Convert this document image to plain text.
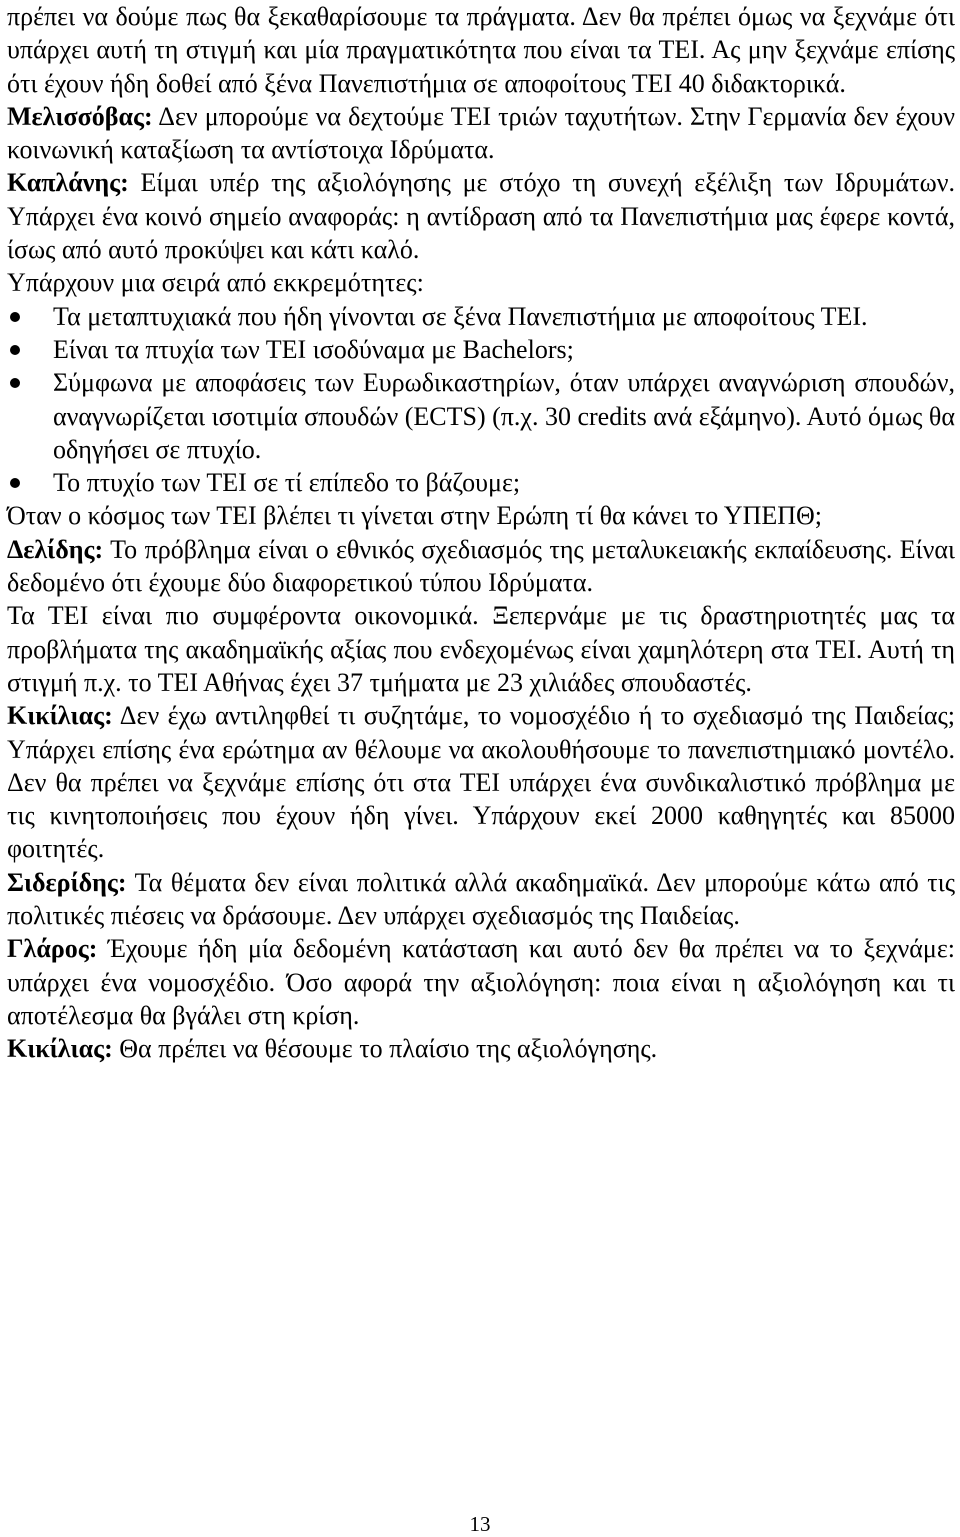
πρέπει να δούμε πως θα ξεκαθαρίσουμε τα πράγματα. Δεν θα πρέπει όμως να ξεχνάμε ότι υπάρχει αυτή τη στιγμή και μία πραγματικότητα που είναι τα ΤΕΙ. Ας μην ξεχνάμε επίσης ότι έχουν ήδη δοθεί από ξένα Πανεπιστήμια σε αποφοίτους ΤΕΙ 40 διδακτορικά.

Μελισσόβας: Δεν μπορούμε να δεχτούμε ΤΕΙ τριών ταχυτήτων. Στην Γερμανία δεν έχουν κοινωνική καταξίωση τα αντίστοιχα Ιδρύματα.

Καπλάνης: Είμαι υπέρ της αξιολόγησης με στόχο τη συνεχή εξέλιξη των Ιδρυμάτων. Υπάρχει ένα κοινό σημείο αναφοράς: η αντίδραση από τα Πανεπιστήμια μας έφερε κοντά, ίσως από αυτό προκύψει και κάτι καλό.

Υπάρχουν μια σειρά από εκκρεμότητες:

Τα μεταπτυχιακά που ήδη γίνονται σε ξένα Πανεπιστήμια με αποφοίτους ΤΕΙ.
Είναι τα πτυχία των ΤΕΙ ισοδύναμα με Bachelors;
Σύμφωνα με αποφάσεις των Ευρωδικαστηρίων, όταν υπάρχει αναγνώριση σπουδών, αναγνωρίζεται ισοτιμία σπουδών (ECTS) (π.χ. 30 credits ανά εξάμηνο). Αυτό όμως θα οδηγήσει σε πτυχίο.
Το πτυχίο των ΤΕΙ σε τί επίπεδο το βάζουμε;

Όταν ο κόσμος των ΤΕΙ βλέπει τι γίνεται στην Ερώπη τί θα κάνει το ΥΠΕΠΘ;

Δελίδης: Το πρόβλημα είναι ο εθνικός σχεδιασμός της μεταλυκειακής εκπαίδευσης. Είναι δεδομένο ότι έχουμε δύο διαφορετικού τύπου Ιδρύματα.

Τα ΤΕΙ είναι πιο συμφέροντα οικονομικά. Ξεπερνάμε με τις δραστηριοτητές μας τα προβλήματα της ακαδημαϊκής αξίας που ενδεχομένως είναι χαμηλότερη στα ΤΕΙ. Αυτή τη στιγμή π.χ. το ΤΕΙ Αθήνας έχει 37 τμήματα με 23 χιλιάδες σπουδαστές.

Κικίλιας: Δεν έχω αντιληφθεί τι συζητάμε, το νομοσχέδιο ή το σχεδιασμό της Παιδείας; Υπάρχει επίσης ένα ερώτημα αν θέλουμε να ακολουθήσουμε το πανεπιστημιακό μοντέλο. Δεν θα πρέπει να ξεχνάμε επίσης ότι στα ΤΕΙ υπάρχει ένα συνδικαλιστικό πρόβλημα με τις κινητοποιήσεις που έχουν ήδη γίνει. Υπάρχουν εκεί 2000 καθηγητές και 85000 φοιτητές.

Σιδερίδης: Τα θέματα δεν είναι πολιτικά αλλά ακαδημαϊκά. Δεν μπορούμε κάτω από τις πολιτικές πιέσεις να δράσουμε. Δεν υπάρχει σχεδιασμός της Παιδείας.

Γλάρος: Έχουμε ήδη μία δεδομένη κατάσταση και αυτό δεν θα πρέπει να το ξεχνάμε: υπάρχει ένα νομοσχέδιο. Όσο αφορά την αξιολόγηση: ποια είναι η αξιολόγηση και τι αποτέλεσμα θα βγάλει στη κρίση.

Κικίλιας: Θα πρέπει να θέσουμε το πλαίσιο της αξιολόγησης.

13
